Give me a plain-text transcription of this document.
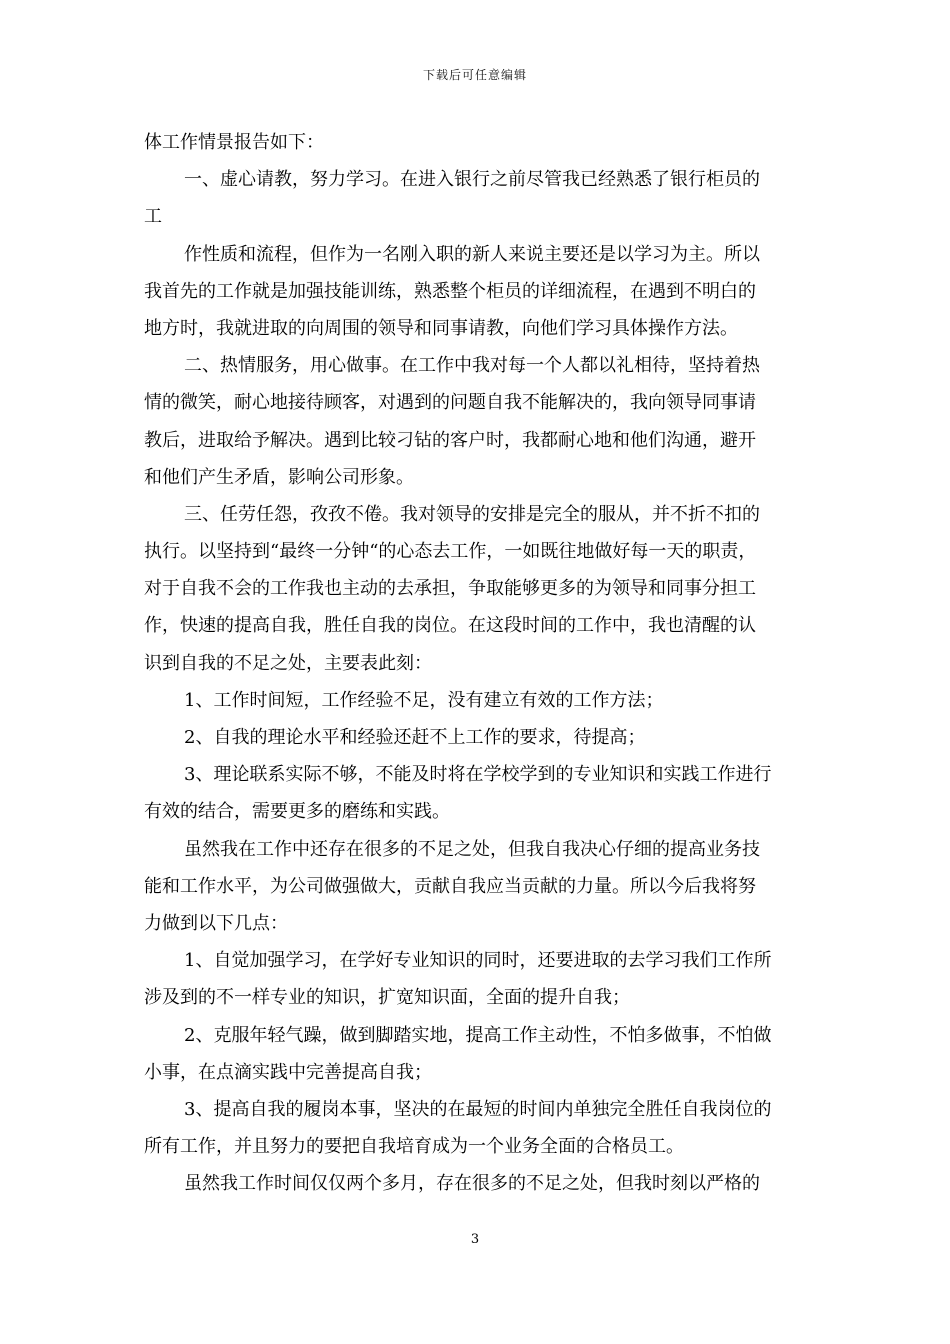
下载后可任意编辑
体工作情景报告如下：
一、虚心请教，努力学习。在进入银行之前尽管我已经熟悉了银行柜员的
工
作性质和流程，但作为一名刚入职的新人来说主要还是以学习为主。所以
我首先的工作就是加强技能训练，熟悉整个柜员的详细流程，在遇到不明白的
地方时，我就进取的向周围的领导和同事请教，向他们学习具体操作方法。
二、热情服务，用心做事。在工作中我对每一个人都以礼相待，坚持着热
情的微笑，耐心地接待顾客，对遇到的问题自我不能解决的，我向领导同事请
教后，进取给予解决。遇到比较刁钻的客户时，我都耐心地和他们沟通，避开
和他们产生矛盾，影响公司形象。
三、任劳任怨，孜孜不倦。我对领导的安排是完全的服从，并不折不扣的
执行。以坚持到“最终一分钟“的心态去工作，一如既往地做好每一天的职责，
对于自我不会的工作我也主动的去承担，争取能够更多的为领导和同事分担工
作，快速的提高自我，胜任自我的岗位。在这段时间的工作中，我也清醒的认
识到自我的不足之处，主要表此刻：
1、工作时间短，工作经验不足，没有建立有效的工作方法；
2、自我的理论水平和经验还赶不上工作的要求，待提高；
3、理论联系实际不够，不能及时将在学校学到的专业知识和实践工作进行
有效的结合，需要更多的磨练和实践。
虽然我在工作中还存在很多的不足之处，但我自我决心仔细的提高业务技
能和工作水平，为公司做强做大，贡献自我应当贡献的力量。所以今后我将努
力做到以下几点：
1、自觉加强学习，在学好专业知识的同时，还要进取的去学习我们工作所
涉及到的不一样专业的知识，扩宽知识面，全面的提升自我；
2、克服年轻气躁，做到脚踏实地，提高工作主动性，不怕多做事，不怕做
小事，在点滴实践中完善提高自我；
3、提高自我的履岗本事，坚决的在最短的时间内单独完全胜任自我岗位的
所有工作，并且努力的要把自我培育成为一个业务全面的合格员工。
虽然我工作时间仅仅两个多月，存在很多的不足之处，但我时刻以严格的
3
